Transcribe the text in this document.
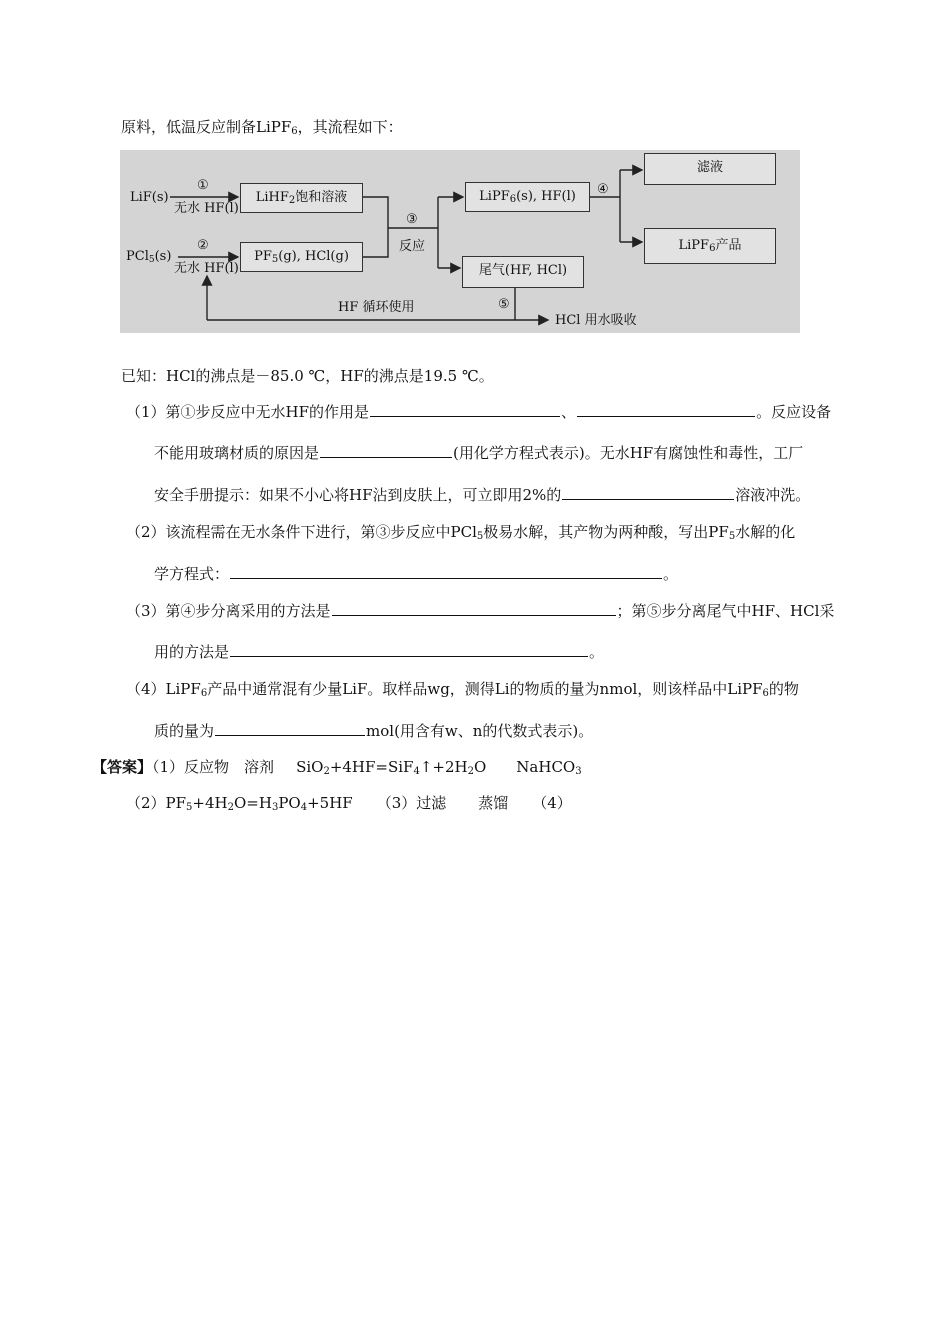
原料，低温反应制备LiPF$_6$，其流程如下：
LiF(s)
PCl$_5$(s)
①
无水 HF(l)
②
无水 HF(l)
LiHF$_2$饱和溶液
$PF_5(g)$, HCl(g)
③
反应
LiPF$_6$(s), HF(l)
尾气(HF, HCl)
④
滤液
LiPF$_6$产品
⑤
HF 循环使用
HCl 用水吸收
已知：HCl的沸点是－85.0 ℃，HF的沸点是19.5 ℃。
（1）第①步反应中无水HF的作用是	、	。反应设备
不能用玻璃材质的原因是	(用化学方程式表示)。无水HF有腐蚀性和毒性，工厂
安全手册提示：如果不小心将HF沾到皮肤上，可立即用2%的	溶液冲洗。
（2）该流程需在无水条件下进行，第③步反应中PCl$_5$极易水解，其产物为两种酸，写出$PF_5$水解的化
学方程式：	。
（3）第④步分离采用的方法是	；第⑤步分离尾气中HF、HCl采
用的方法是	。
（4）LiPF$_6$产品中通常混有少量LiF。取样品wg，测得Li的物质的量为nmol，则该样品中LiPF$_6$的物
质的量为	mol(用含有w、n的代数式表示)。
【答案】（1）反应物　溶剂 $SiO_2+4HF=SiF_4↑+2H_2O$ NaHCO$_3$
$(2)PF_5+4H_2O=H_3PO_4+5HF$ （3）过滤 蒸馏 （4）
